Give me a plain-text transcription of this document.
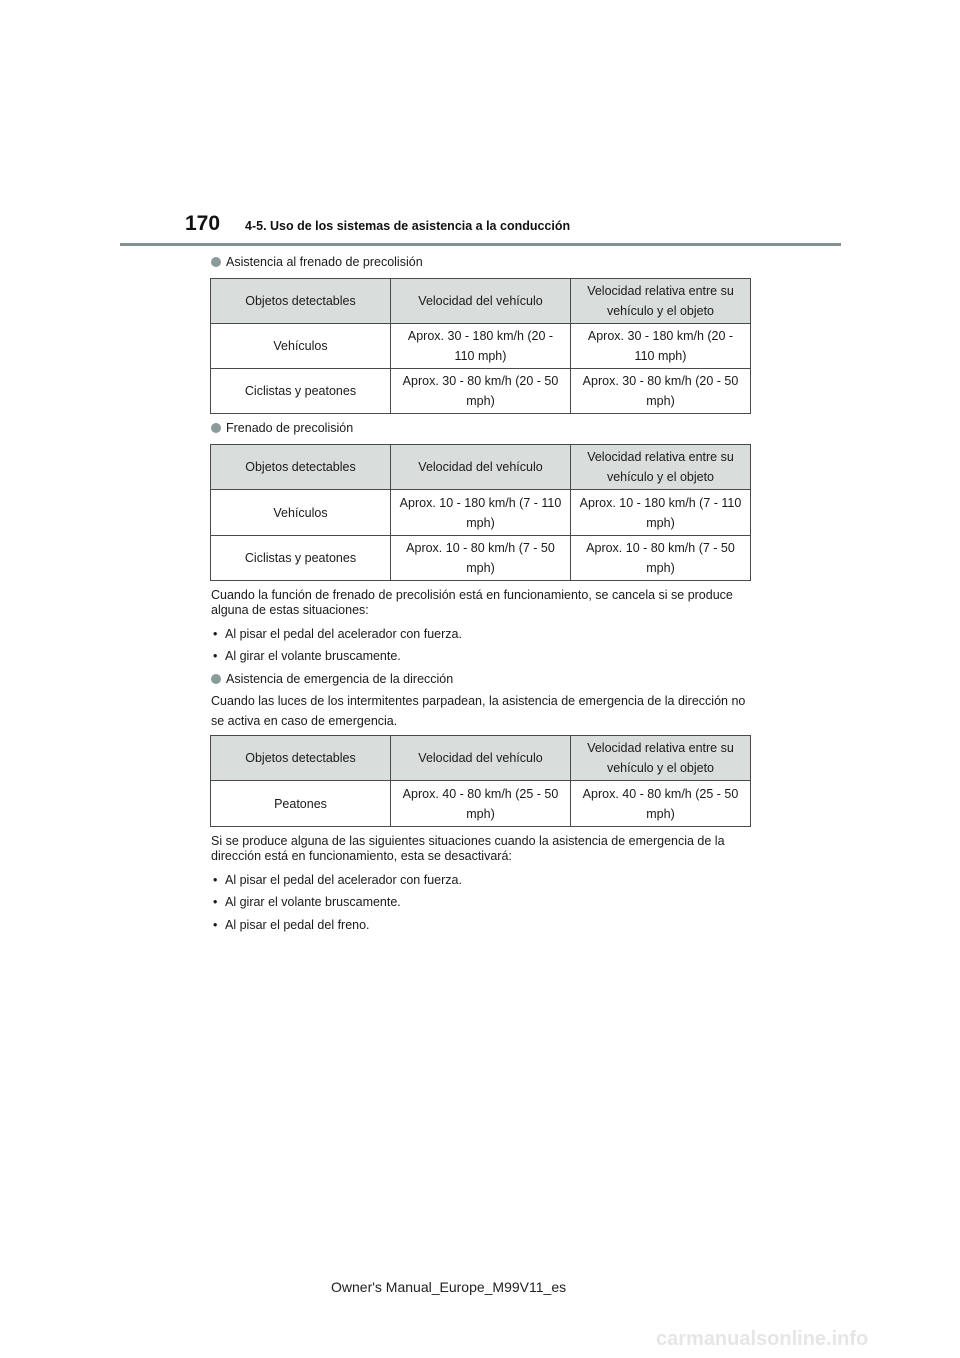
170 4-5. Uso de los sistemas de asistencia a la conducción
Asistencia al frenado de precolisión
Objetos detectables	Velocidad del vehículo	Velocidad relativa entre su vehículo y el objeto
Vehículos	Aprox. 30 - 180 km/h (20 - 110 mph)	Aprox. 30 - 180 km/h (20 - 110 mph)
Ciclistas y peatones	Aprox. 30 - 80 km/h (20 - 50 mph)	Aprox. 30 - 80 km/h (20 - 50 mph)
Frenado de precolisión
Objetos detectables	Velocidad del vehículo	Velocidad relativa entre su vehículo y el objeto
Vehículos	Aprox. 10 - 180 km/h (7 - 110 mph)	Aprox. 10 - 180 km/h (7 - 110 mph)
Ciclistas y peatones	Aprox. 10 - 80 km/h (7 - 50 mph)	Aprox. 10 - 80 km/h (7 - 50 mph)
Cuando la función de frenado de precolisión está en funcionamiento, se cancela si se produce alguna de estas situaciones:
• Al pisar el pedal del acelerador con fuerza.
• Al girar el volante bruscamente.
Asistencia de emergencia de la dirección
Cuando las luces de los intermitentes parpadean, la asistencia de emergencia de la dirección no se activa en caso de emergencia.
Objetos detectables	Velocidad del vehículo	Velocidad relativa entre su vehículo y el objeto
Peatones	Aprox. 40 - 80 km/h (25 - 50 mph)	Aprox. 40 - 80 km/h (25 - 50 mph)
Si se produce alguna de las siguientes situaciones cuando la asistencia de emergencia de la dirección está en funcionamiento, esta se desactivará:
• Al pisar el pedal del acelerador con fuerza.
• Al girar el volante bruscamente.
• Al pisar el pedal del freno.
Owner's Manual_Europe_M99V11_es
carmanualsonline.info
